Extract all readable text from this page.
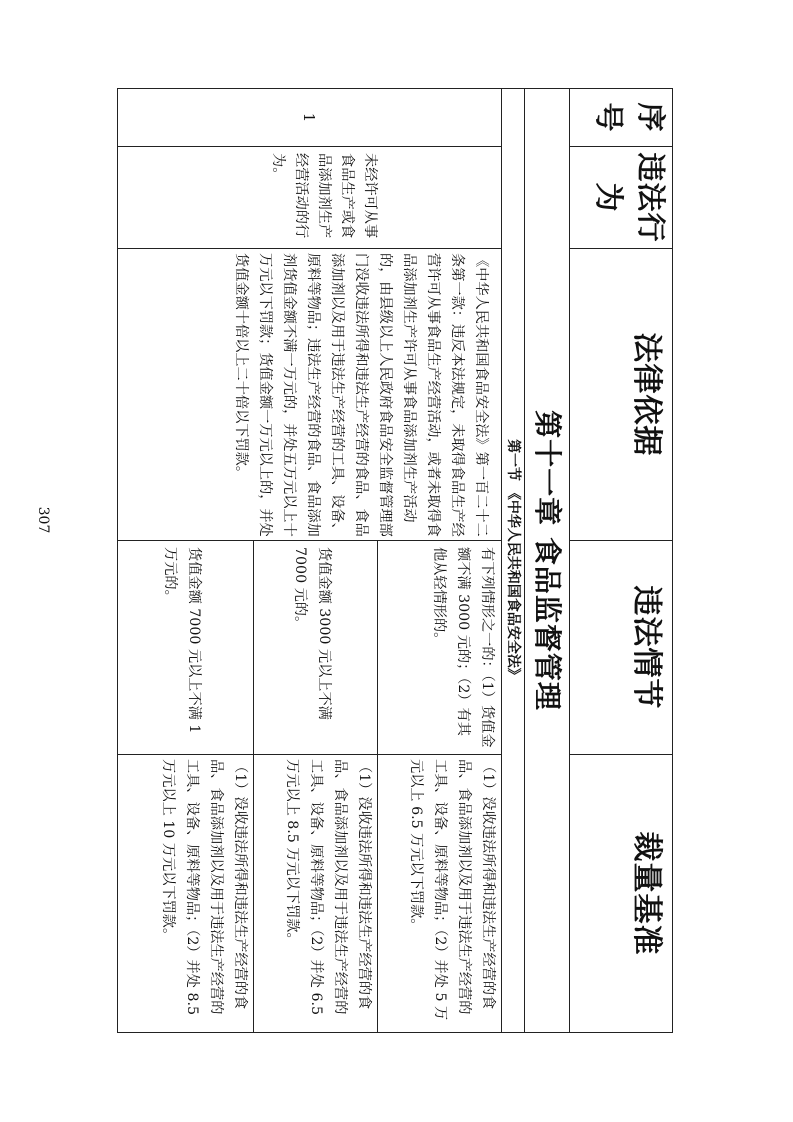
序号	违法行为	法律依据	违法情节	裁量基准
第十一章 食品监督管理				
第一节 《中华人民共和国食品安全法》				
1	未经许可从事食品生产或食品添加剂生产经营活动的行为。	《中华人民共和国食品安全法》第一百二十二条第一款：违反本法规定，未取得食品生产经营许可从事食品生产经营活动，或者未取得食品添加剂生产许可从事食品添加剂生产活动的，由县级以上人民政府食品安全监督管理部门没收违法所得和违法生产经营的食品、食品添加剂以及用于违法生产经营的工具、设备、原料等物品；违法生产经营的食品、食品添加剂货值金额不满一万元的，并处五万元以上十万元以下罚款；货值金额一万元以上的，并处货值金额十倍以上二十倍以下罚款。	有下列情形之一的：（1）货值金额不满 3000 元的；（2）有其他从轻情形的。	（1）没收违法所得和违法生产经营的食品、食品添加剂以及用于违法生产经营的工具、设备、原料等物品；（2）并处 5 万元以上 6.5 万元以下罚款。
			货值金额 3000 元以上不满 7000 元的。	（1）没收违法所得和违法生产经营的食品、食品添加剂以及用于违法生产经营的工具、设备、原料等物品；（2）并处 6.5 万元以上 8.5 万元以下罚款。
			货值金额 7000 元以上不满 1 万元的。	（1）没收违法所得和违法生产经营的食品、食品添加剂以及用于违法生产经营的工具、设备、原料等物品；（2）并处 8.5 万元以上 10 万元以下罚款。
307
